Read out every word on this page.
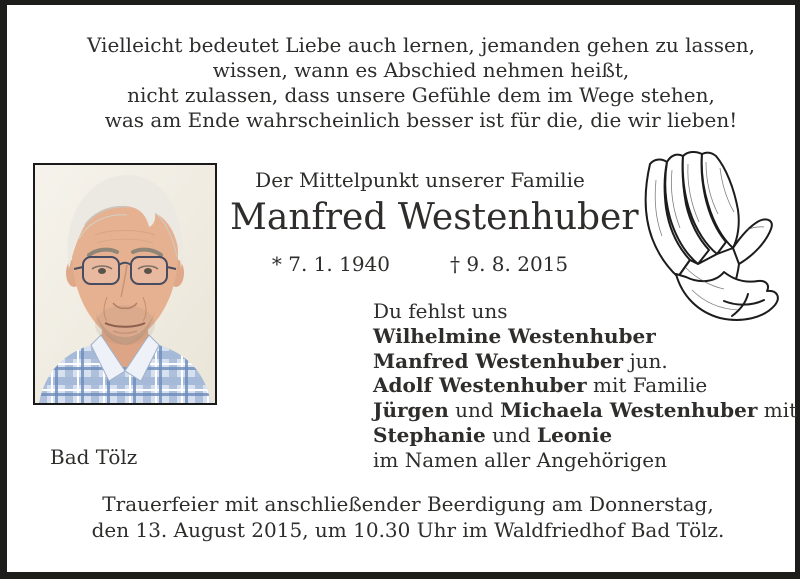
Vielleicht bedeutet Liebe auch lernen, jemanden gehen zu lassen,
wissen, wann es Abschied nehmen heißt,
nicht zulassen, dass unsere Gefühle dem im Wege stehen,
was am Ende wahrscheinlich besser ist für die, die wir lieben!
Der Mittelpunkt unserer Familie
Manfred Westenhuber
* 7. 1. 1940	† 9. 8. 2015
Du fehlst uns
Wilhelmine Westenhuber
Manfred Westenhuber jun.
Adolf Westenhuber mit Familie
Jürgen und Michaela Westenhuber mit
Stephanie und Leonie
im Namen aller Angehörigen
Bad Tölz
Trauerfeier mit anschließender Beerdigung am Donnerstag,
den 13. August 2015, um 10.30 Uhr im Waldfriedhof Bad Tölz.
